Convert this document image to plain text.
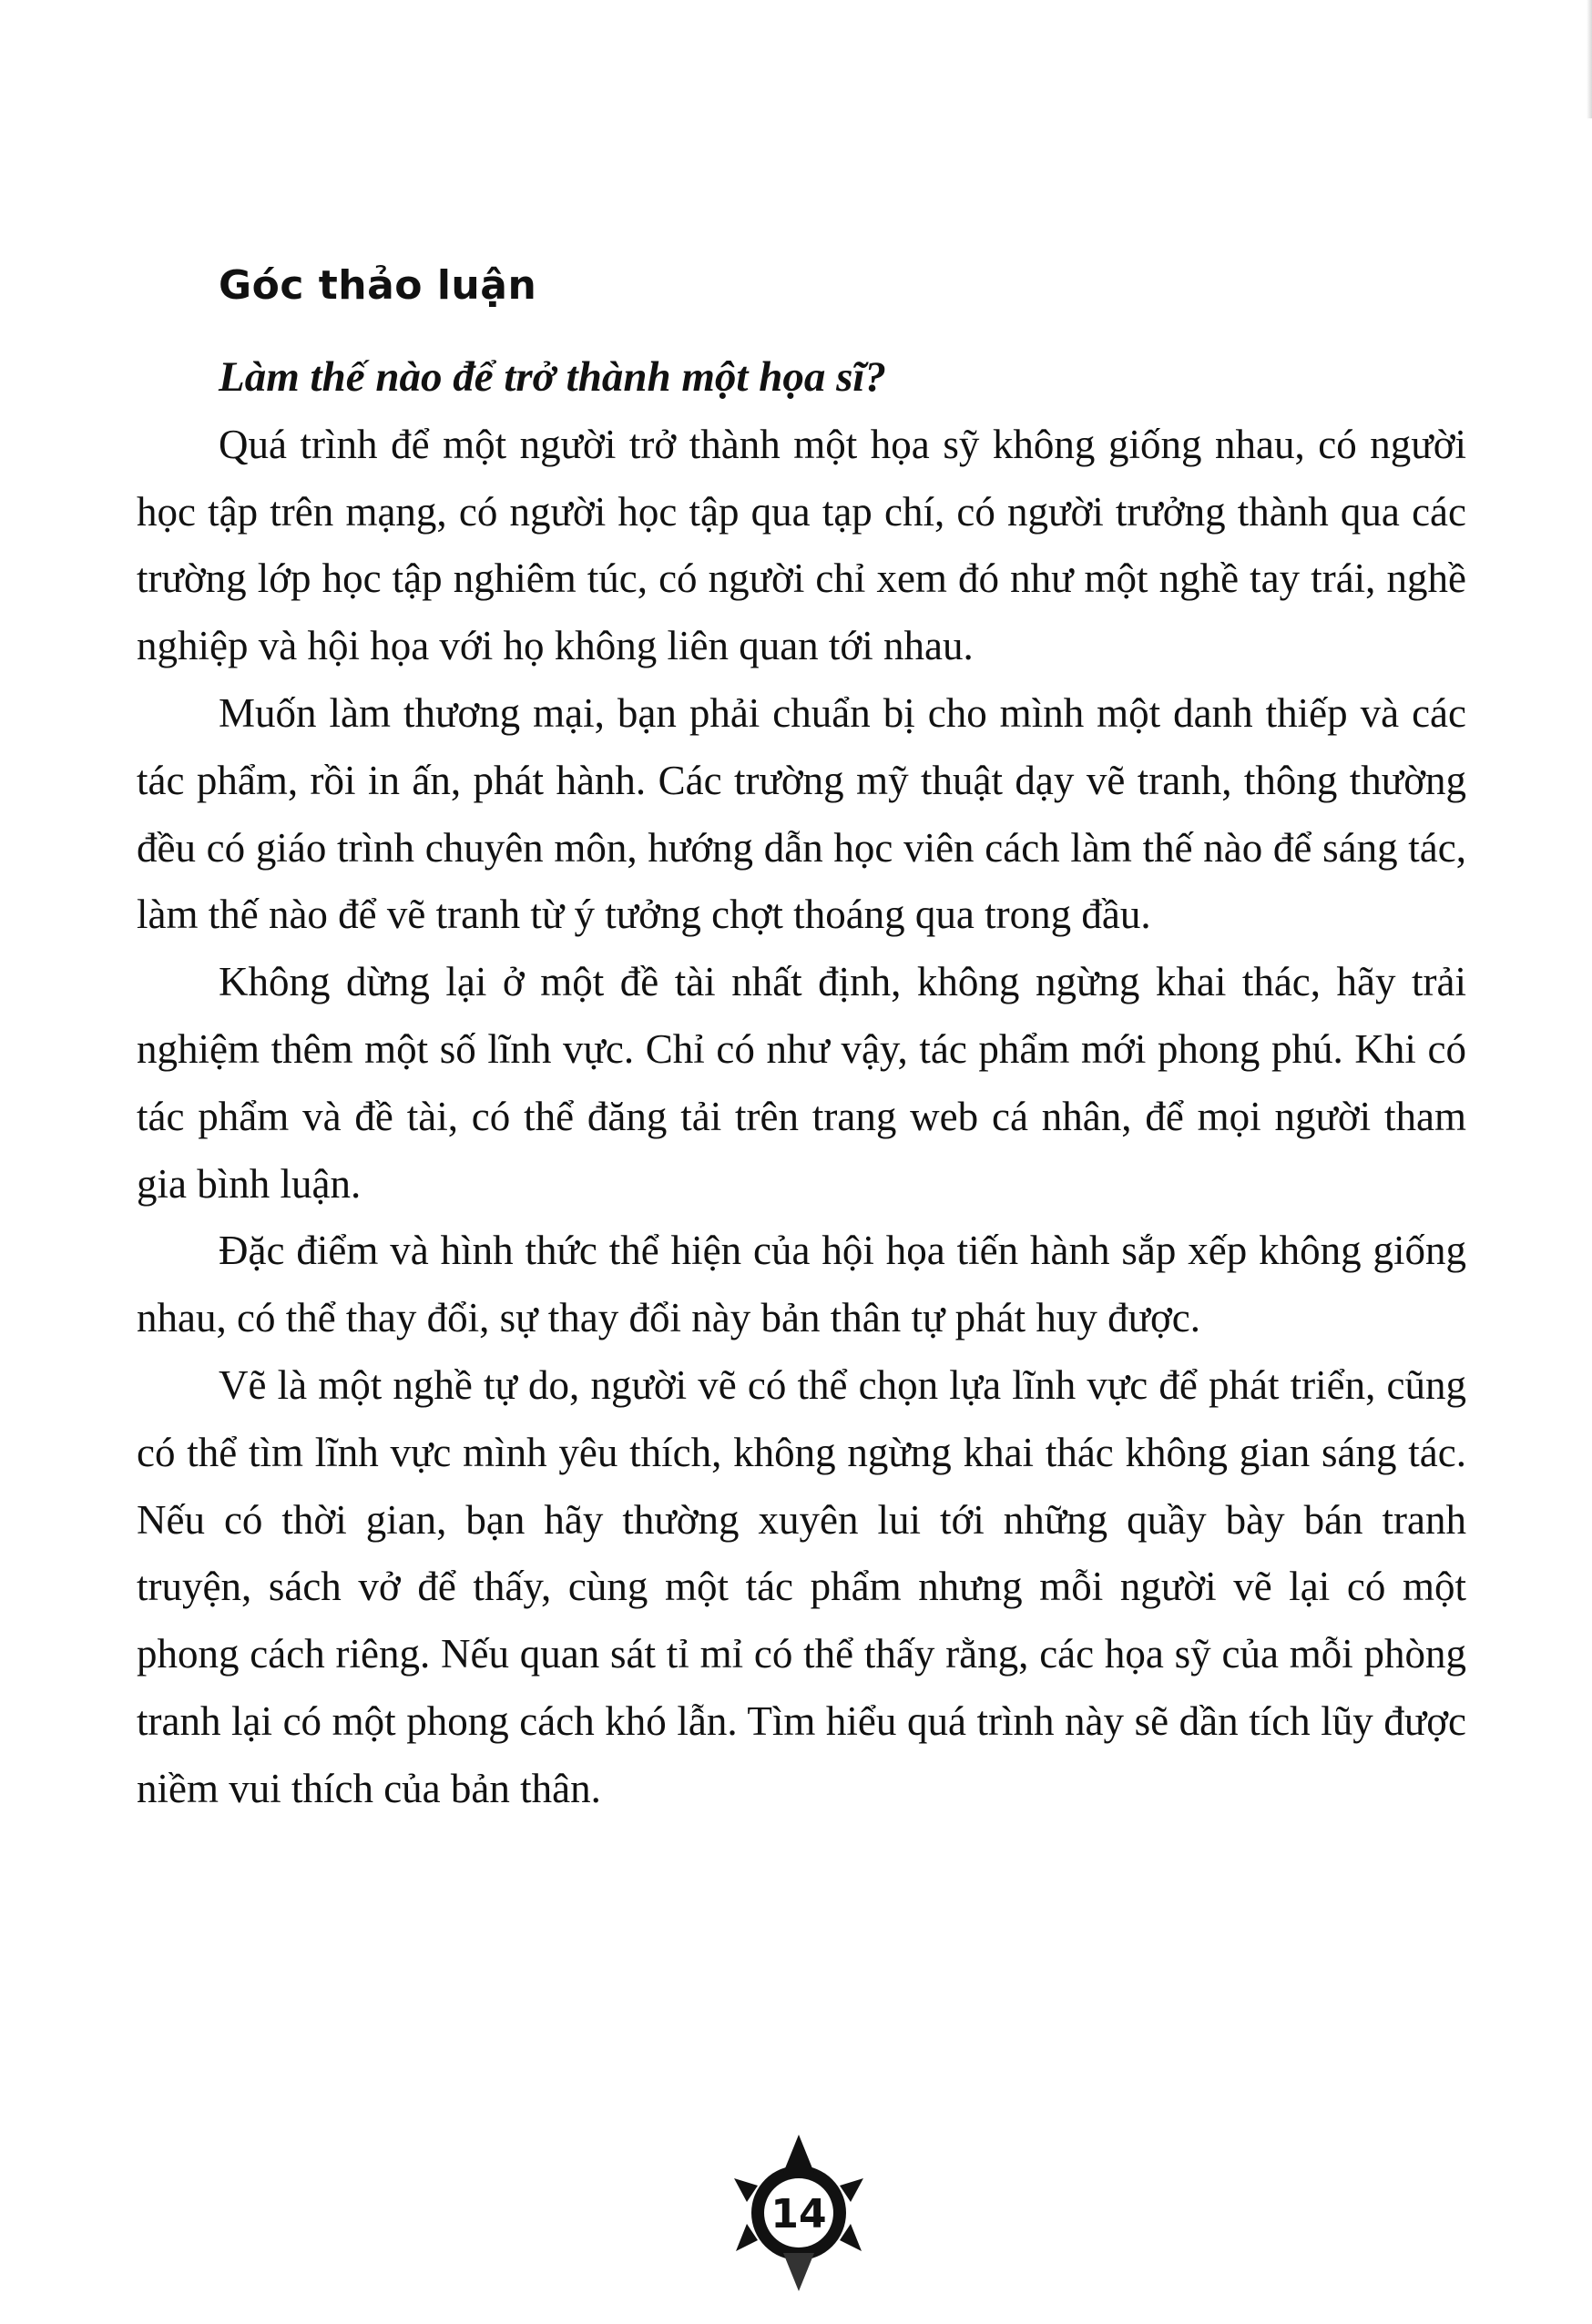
Góc thảo luận

Làm thế nào để trở thành một họa sĩ?

Quá trình để một người trở thành một họa sỹ không giống nhau, có người học tập trên mạng, có người học tập qua tạp chí, có người trưởng thành qua các trường lớp học tập nghiêm túc, có người chỉ xem đó như một nghề tay trái, nghề nghiệp và hội họa với họ không liên quan tới nhau.

Muốn làm thương mại, bạn phải chuẩn bị cho mình một danh thiếp và các tác phẩm, rồi in ấn, phát hành. Các trường mỹ thuật dạy vẽ tranh, thông thường đều có giáo trình chuyên môn, hướng dẫn học viên cách làm thế nào để sáng tác, làm thế nào để vẽ tranh từ ý tưởng chợt thoáng qua trong đầu.

Không dừng lại ở một đề tài nhất định, không ngừng khai thác, hãy trải nghiệm thêm một số lĩnh vực. Chỉ có như vậy, tác phẩm mới phong phú. Khi có tác phẩm và đề tài, có thể đăng tải trên trang web cá nhân, để mọi người tham gia bình luận.

Đặc điểm và hình thức thể hiện của hội họa tiến hành sắp xếp không giống nhau, có thể thay đổi, sự thay đổi này bản thân tự phát huy được.

Vẽ là một nghề tự do, người vẽ có thể chọn lựa lĩnh vực để phát triển, cũng có thể tìm lĩnh vực mình yêu thích, không ngừng khai thác không gian sáng tác. Nếu có thời gian, bạn hãy thường xuyên lui tới những quầy bày bán tranh truyện, sách vở để thấy, cùng một tác phẩm nhưng mỗi người vẽ lại có một phong cách riêng. Nếu quan sát tỉ mỉ có thể thấy rằng, các họa sỹ của mỗi phòng tranh lại có một phong cách khó lẫn. Tìm hiểu quá trình này sẽ dần tích lũy được niềm vui thích của bản thân.

14
